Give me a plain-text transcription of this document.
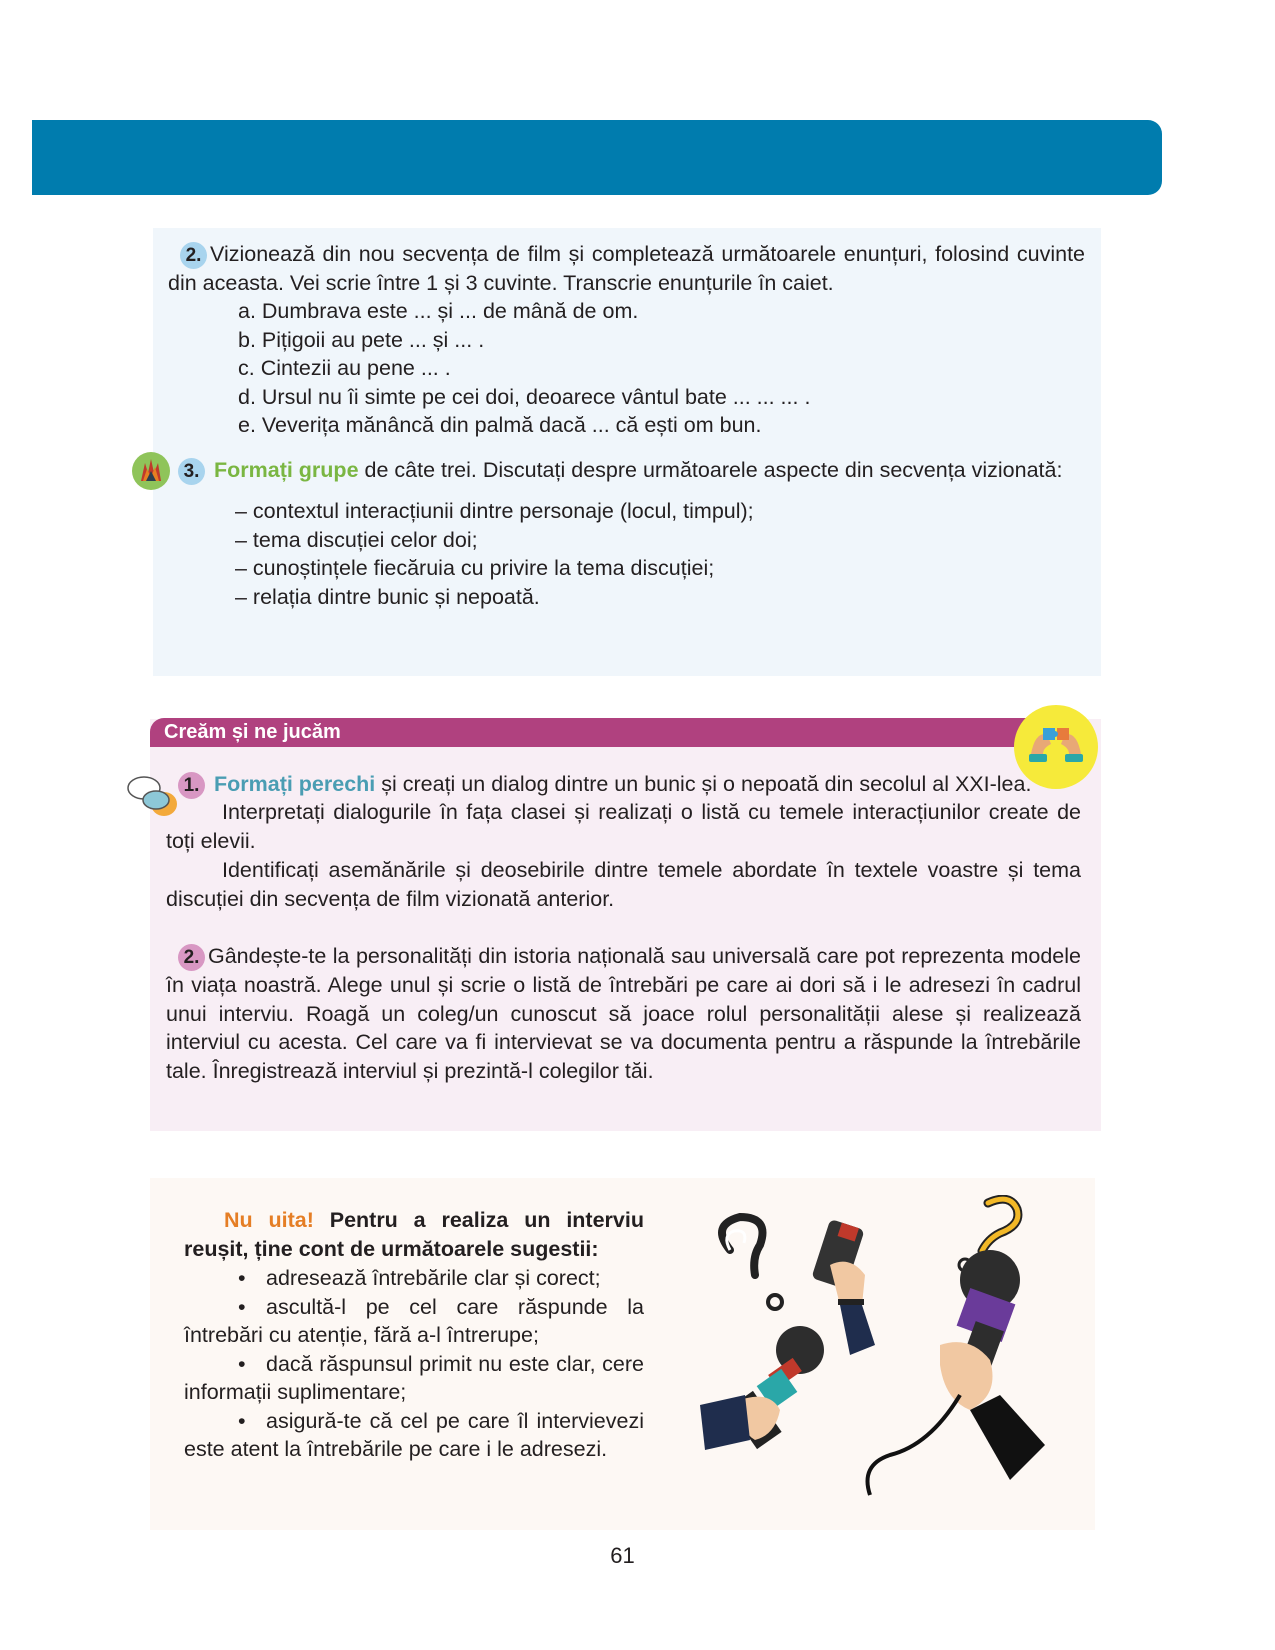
2. Vizionează din nou secvența de film și completează următoarele enunțuri, folosind cuvinte din aceasta. Vei scrie între 1 și 3 cuvinte. Transcrie enunțurile în caiet.
a. Dumbrava este ... și ... de mână de om.
b. Pițigoii au pete ... și ... .
c. Cintezii au pene ... .
d. Ursul nu îi simte pe cei doi, deoarece vântul bate ... ... ... .
e. Veverița mănâncă din palmă dacă ... că ești om bun.
3. Formați grupe de câte trei. Discutați despre următoarele aspecte din secvența vizionată:
– contextul interacțiunii dintre personaje (locul, timpul);
– tema discuției celor doi;
– cunoștințele fiecăruia cu privire la tema discuției;
– relația dintre bunic și nepoată.
Creăm și ne jucăm
1. Formați perechi și creați un dialog dintre un bunic și o nepoată din secolul al XXI-lea.
Interpretați dialogurile în fața clasei și realizați o listă cu temele interacțiunilor create de toți elevii.
Identificați asemănările și deosebirile dintre temele abordate în textele voastre și tema discuției din secvența de film vizionată anterior.
2. Gândește-te la personalități din istoria națională sau universală care pot reprezenta modele în viața noastră. Alege unul și scrie o listă de întrebări pe care ai dori să i le adresezi în cadrul unui interviu. Roagă un coleg/un cunoscut să joace rolul personalității alese și realizează interviul cu acesta. Cel care va fi intervievat se va documenta pentru a răspunde la întrebările tale. Înregistrează interviul și prezintă-l colegilor tăi.
Nu uita! Pentru a realiza un interviu reușit, ține cont de următoarele sugestii:
• adresează întrebările clar și corect;
• ascultă-l pe cel care răspunde la întrebări cu atenție, fără a-l întrerupe;
• dacă răspunsul primit nu este clar, cere informații suplimentare;
• asigură-te că cel pe care îl intervievezi este atent la întrebările pe care i le adresezi.
61
